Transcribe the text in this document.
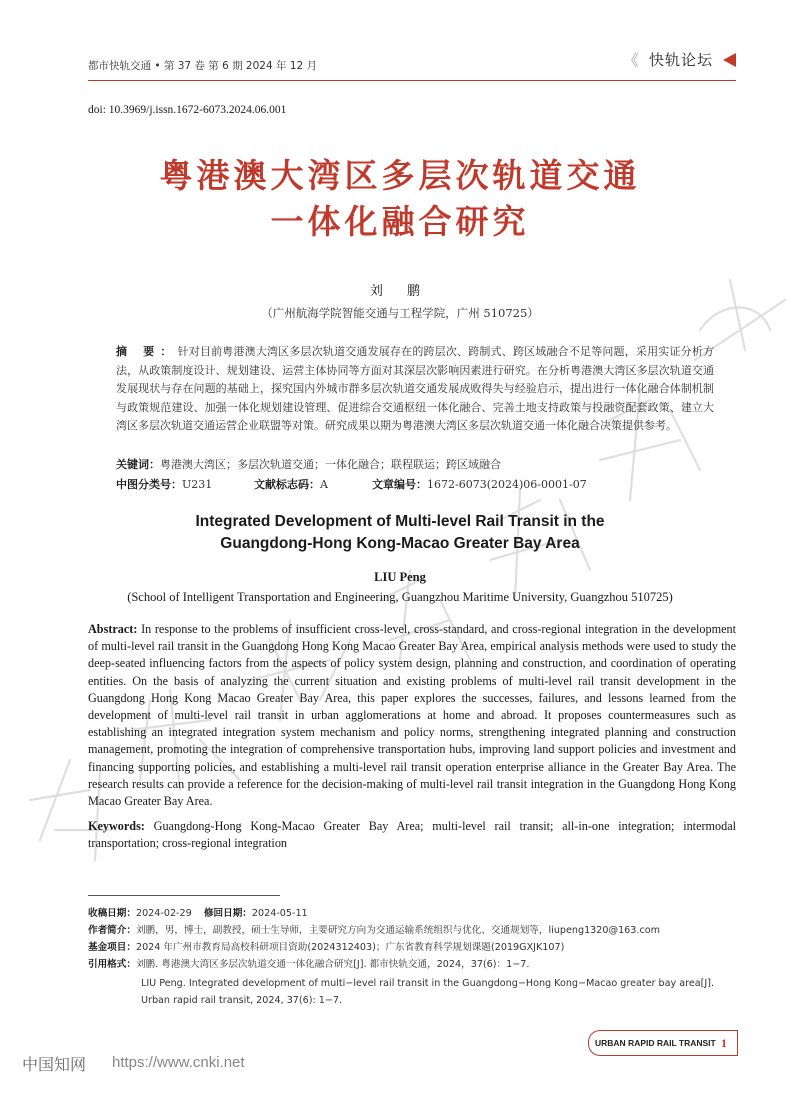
都市快轨交通 • 第 37 卷 第 6 期 2024 年 12 月	《 快轨论坛
doi: 10.3969/j.issn.1672-6073.2024.06.001
粤港澳大湾区多层次轨道交通
一体化融合研究
刘 鹏
（广州航海学院智能交通与工程学院，广州 510725）
摘 要：针对目前粤港澳大湾区多层次轨道交通发展存在的跨层次、跨制式、跨区域融合不足等问题，采用实证分析方法，从政策制度设计、规划建设、运营主体协同等方面对其深层次影响因素进行研究。在分析粤港澳大湾区多层次轨道交通发展现状与存在问题的基础上，探究国内外城市群多层次轨道交通发展成败得失与经验启示，提出进行一体化融合体制机制与政策规范建设、加强一体化规划建设管理、促进综合交通枢纽一体化融合、完善土地支持政策与投融资配套政策、建立大湾区多层次轨道交通运营企业联盟等对策。研究成果以期为粤港澳大湾区多层次轨道交通一体化融合决策提供参考。
关键词：粤港澳大湾区；多层次轨道交通；一体化融合；联程联运；跨区域融合
中图分类号：U231	文献标志码：A	文章编号：1672-6073(2024)06-0001-07
Integrated Development of Multi-level Rail Transit in the
Guangdong-Hong Kong-Macao Greater Bay Area
LIU Peng
(School of Intelligent Transportation and Engineering, Guangzhou Maritime University, Guangzhou 510725)
Abstract: In response to the problems of insufficient cross-level, cross-standard, and cross-regional integration in the development of multi-level rail transit in the Guangdong Hong Kong Macao Greater Bay Area, empirical analysis methods were used to study the deep-seated influencing factors from the aspects of policy system design, planning and construction, and coordination of operating entities. On the basis of analyzing the current situation and existing problems of multi-level rail transit development in the Guangdong Hong Kong Macao Greater Bay Area, this paper explores the successes, failures, and lessons learned from the development of multi-level rail transit in urban agglomerations at home and abroad. It proposes countermeasures such as establishing an integrated integration system mechanism and policy norms, strengthening integrated planning and construction management, promoting the integration of comprehensive transportation hubs, improving land support policies and investment and financing supporting policies, and establishing a multi-level rail transit operation enterprise alliance in the Greater Bay Area. The research results can provide a reference for the decision-making of multi-level rail transit integration in the Guangdong Hong Kong Macao Greater Bay Area.
Keywords: Guangdong-Hong Kong-Macao Greater Bay Area; multi-level rail transit; all-in-one integration; intermodal transportation; cross-regional integration
收稿日期：2024-02-29 修回日期：2024-05-11
作者简介：刘鹏，男，博士，副教授，硕士生导师，主要研究方向为交通运输系统组织与优化、交通规划等，liupeng1320@163.com
基金项目：2024 年广州市教育局高校科研项目资助(2024312403)；广东省教育科学规划课题(2019GXJK107)
引用格式：刘鹏. 粤港澳大湾区多层次轨道交通一体化融合研究[J]. 都市快轨交通，2024，37(6)：1−7.
LIU Peng. Integrated development of multi−level rail transit in the Guangdong−Hong Kong−Macao greater bay area[J]. Urban rapid rail transit, 2024, 37(6): 1−7.
URBAN RAPID RAIL TRANSIT 1
中国知网 https://www.cnki.net
